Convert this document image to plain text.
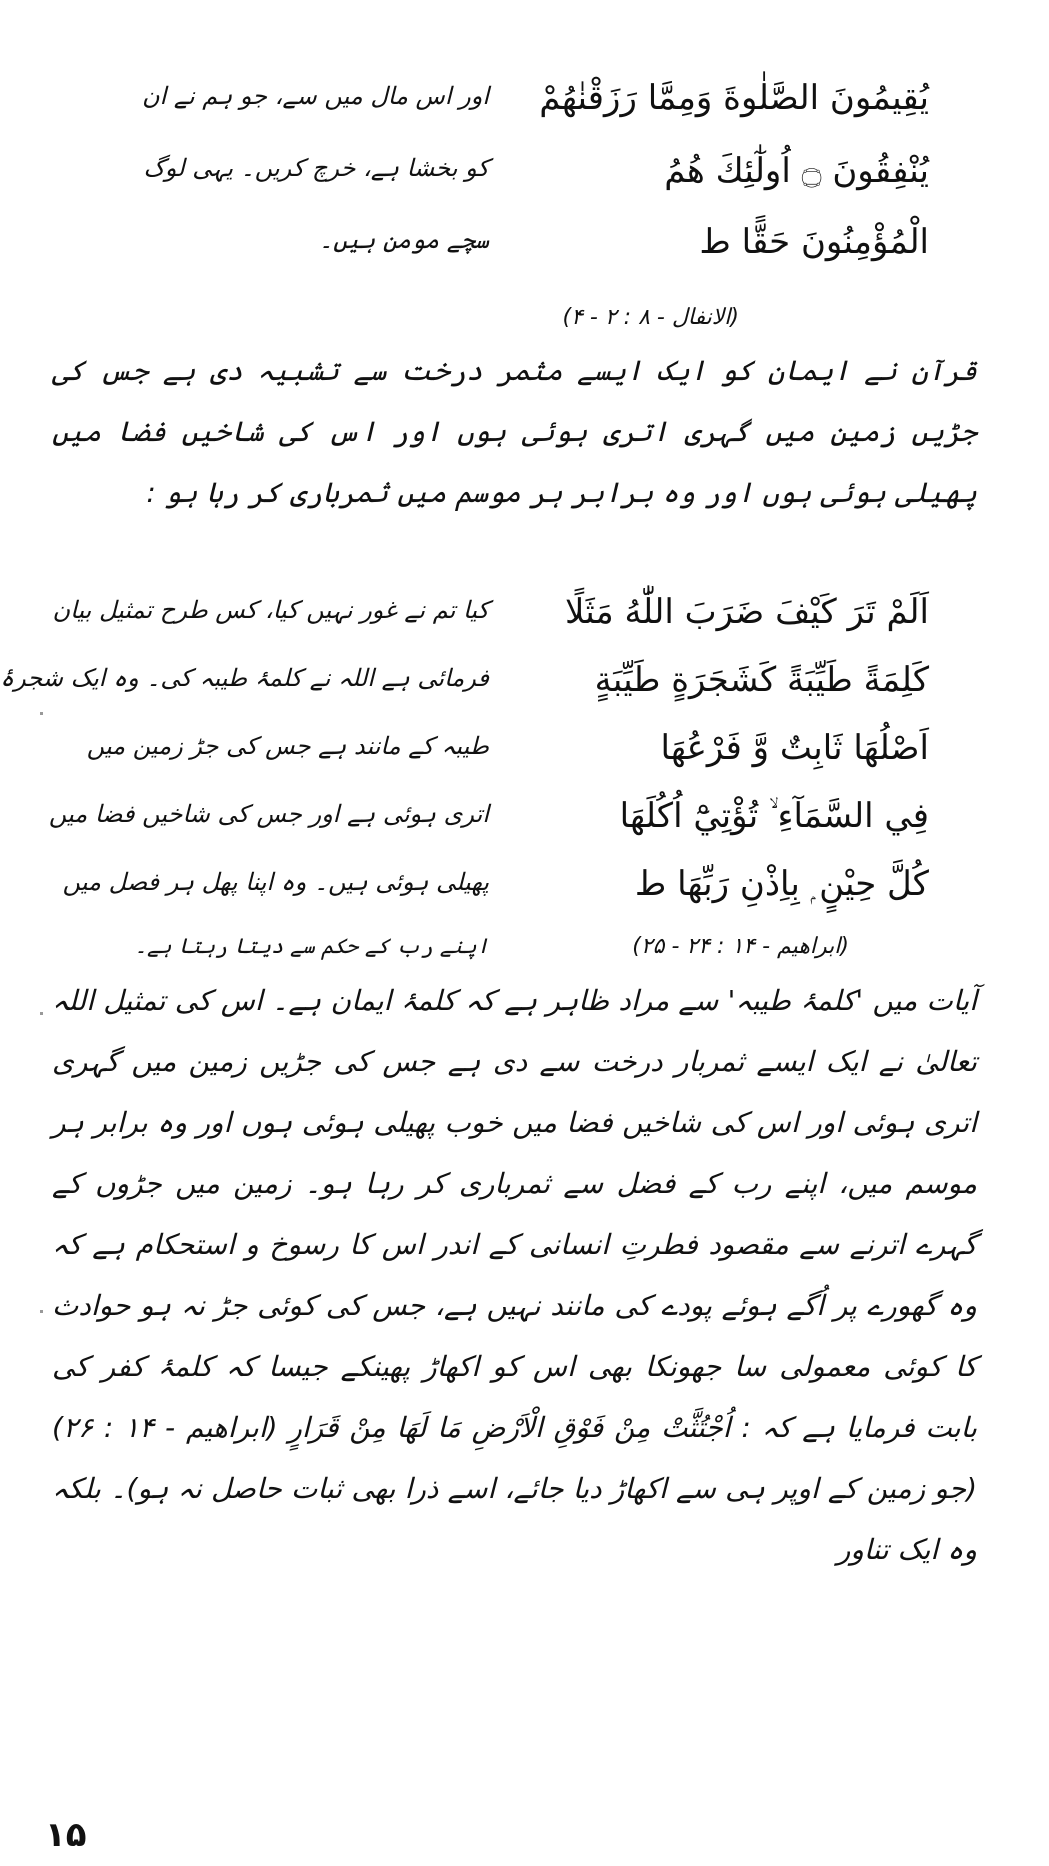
يُقِيمُونَ الصَّلٰوةَ وَمِمَّا رَزَقْنٰهُمْ
اور اس مال میں سے، جو ہم نے ان
يُنْفِقُونَ ۝ اُولٰٓئِكَ هُمُ
کو بخشا ہے، خرچ کریں۔ یہی لوگ
الْمُؤْمِنُونَ حَقًّا ط
سچے مومن ہیں۔
(الانفال - ۸ : ۲ - ۴)
قرآن نے ایمان کو ایک ایسے مثمر درخت سے تشبیہ دی ہے جس کی جڑیں زمین میں گہری اتری ہوئی ہوں اور اس کی شاخیں فضا میں پھیلی ہوئی ہوں اور وہ برابر ہر موسم میں ثمرباری کر رہا ہو :
اَلَمْ تَرَ كَيْفَ ضَرَبَ اللّٰهُ مَثَلًا
کیا تم نے غور نہیں کیا، کس طرح تمثیل بیان
كَلِمَةً طَيِّبَةً كَشَجَرَةٍ طَيِّبَةٍ
فرمائی ہے اللہ نے کلمۂ طیبہ کی۔ وہ ایک شجرۂ
اَصْلُهَا ثَابِتٌ وَّ فَرْعُهَا
طیبہ کے مانند ہے جس کی جڑ زمین میں
فِي السَّمَآءِ ۙ تُؤْتِيْٓ اُكُلَهَا
اتری ہوئی ہے اور جس کی شاخیں فضا میں
كُلَّ حِيْنٍ ۭ بِاِذْنِ رَبِّهَا ط
پھیلی ہوئی ہیں۔ وہ اپنا پھل ہر فصل میں
(ابراهيم - ۱۴ : ۲۴ - ۲۵)
اپنے رب کے حکم سے دیتا رہتا ہے۔
آیات میں 'کلمۂ طیبہ' سے مراد ظاہر ہے کہ کلمۂ ایمان ہے۔ اس کی تمثیل اللہ تعالیٰ نے ایک ایسے ثمربار درخت سے دی ہے جس کی جڑیں زمین میں گہری اتری ہوئی اور اس کی شاخیں فضا میں خوب پھیلی ہوئی ہوں اور وہ برابر ہر موسم میں، اپنے رب کے فضل سے ثمرباری کر رہا ہو۔ زمین میں جڑوں کے گہرے اترنے سے مقصود فطرتِ انسانی کے اندر اس کا رسوخ و استحکام ہے کہ وہ گھورے پر اُگے ہوئے پودے کی مانند نہیں ہے، جس کی کوئی جڑ نہ ہو حوادث کا کوئی معمولی سا جھونکا بھی اس کو اکھاڑ پھینکے جیسا کہ کلمۂ کفر کی بابت فرمایا ہے کہ : اُجْتُثَّتْ مِنْ فَوْقِ الْاَرْضِ مَا لَهَا مِنْ قَرَارٍ (ابراهيم - ۱۴ : ۲۶) (جو زمین کے اوپر ہی سے اکھاڑ دیا جائے، اسے ذرا بھی ثبات حاصل نہ ہو)۔ بلکہ وہ ایک تناور
۱۵
